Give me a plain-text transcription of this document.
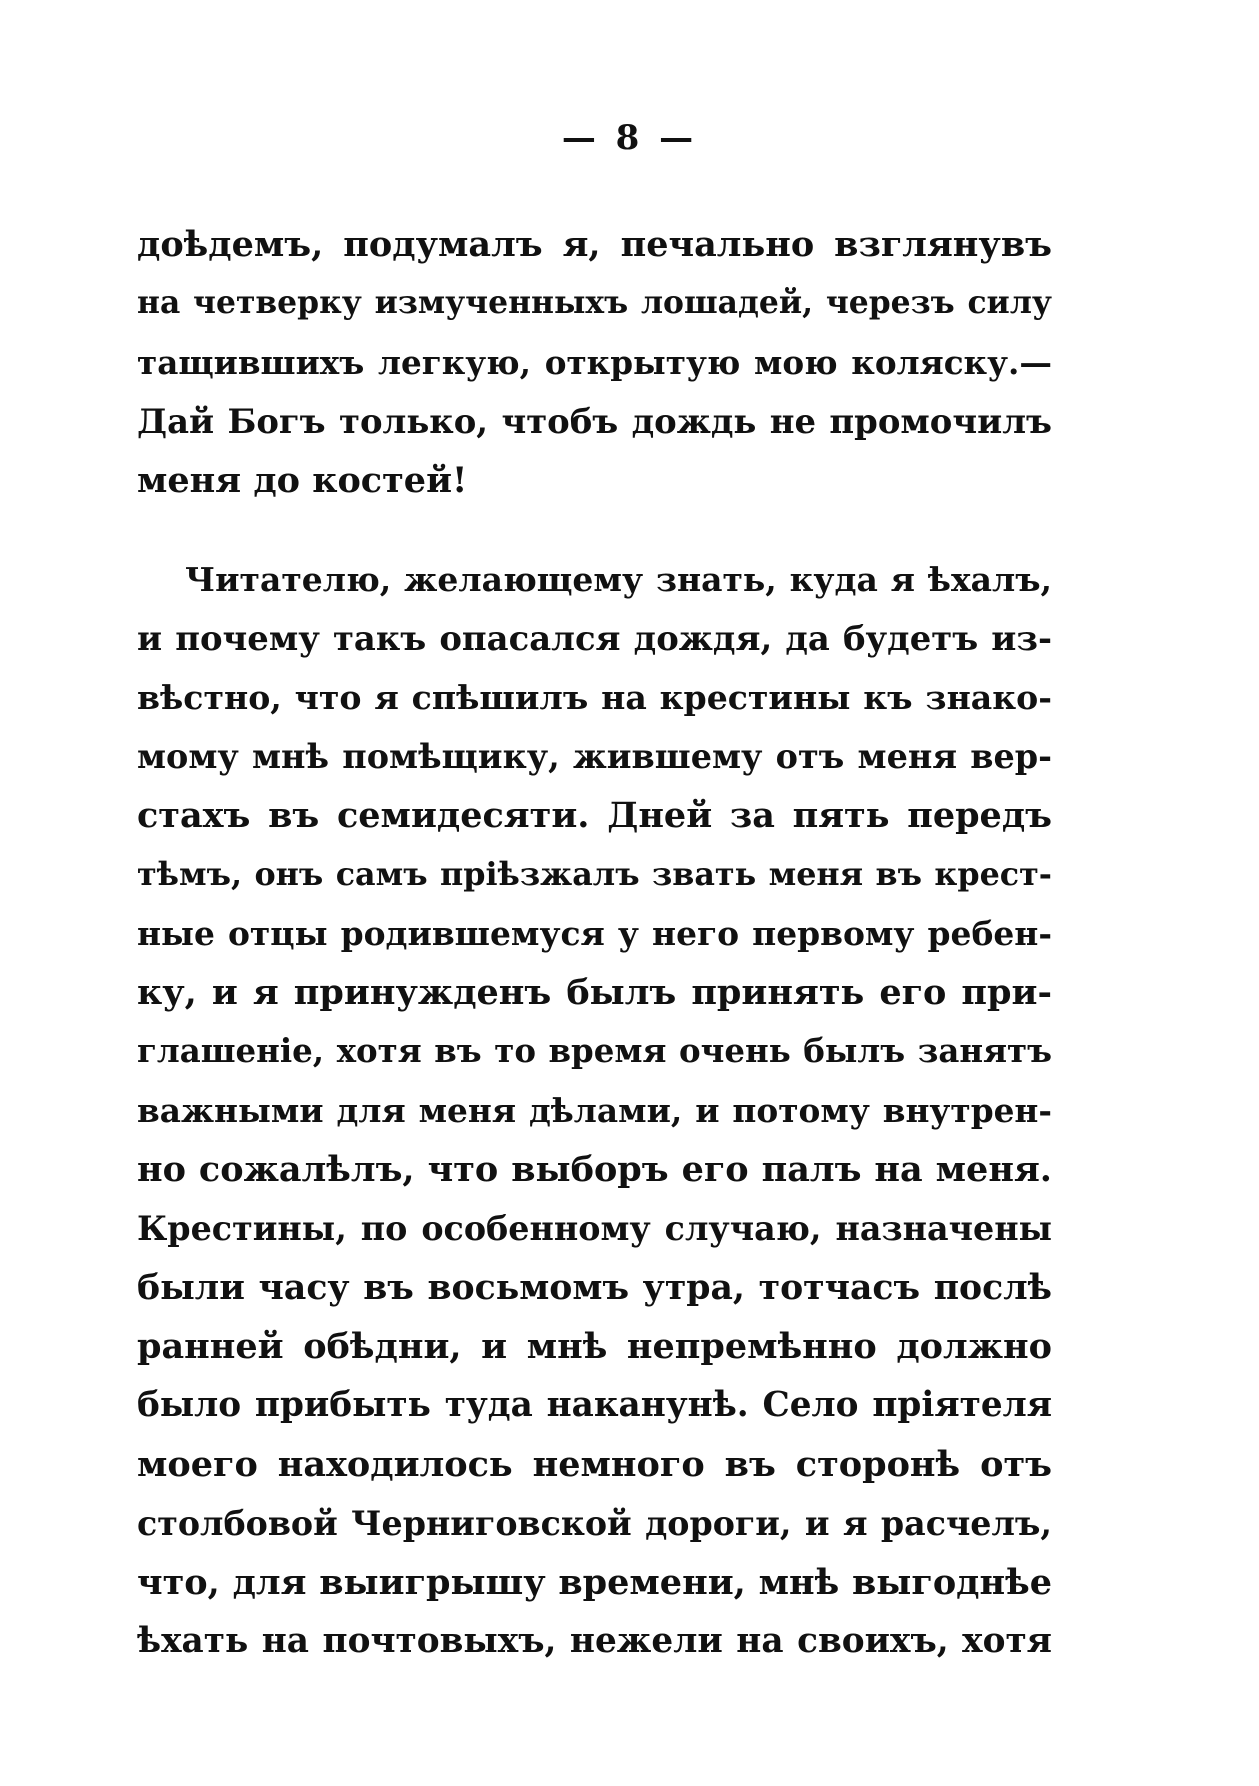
— 8 —
доѣдемъ, подумалъ я, печально взглянувъ
на четверку измученныхъ лошадей, черезъ силу
тащившихъ легкую, открытую мою коляску.—
Дай Богъ только, чтобъ дождь не промочилъ
меня до костей!
Читателю, желающему знать, куда я ѣхалъ,
и почему такъ опасался дождя, да будетъ из-
вѣстно, что я спѣшилъ на крестины къ знако-
мому мнѣ помѣщику, жившему отъ меня вер-
стахъ въ семидесяти. Дней за пять передъ
тѣмъ, онъ самъ пріѣзжалъ звать меня въ крест-
ные отцы родившемуся у него первому ребен-
ку, и я принужденъ былъ принять его при-
глашеніе, хотя въ то время очень былъ занятъ
важными для меня дѣлами, и потому внутрен-
но сожалѣлъ, что выборъ его палъ на меня.
Крестины, по особенному случаю, назначены
были часу въ восьмомъ утра, тотчасъ послѣ
ранней обѣдни, и мнѣ непремѣнно должно
было прибыть туда наканунѣ. Село пріятеля
моего находилось немного въ сторонѣ отъ
столбовой Черниговской дороги, и я расчелъ,
что, для выигрышу времени, мнѣ выгоднѣе
ѣхать на почтовыхъ, нежели на своихъ, хотя
